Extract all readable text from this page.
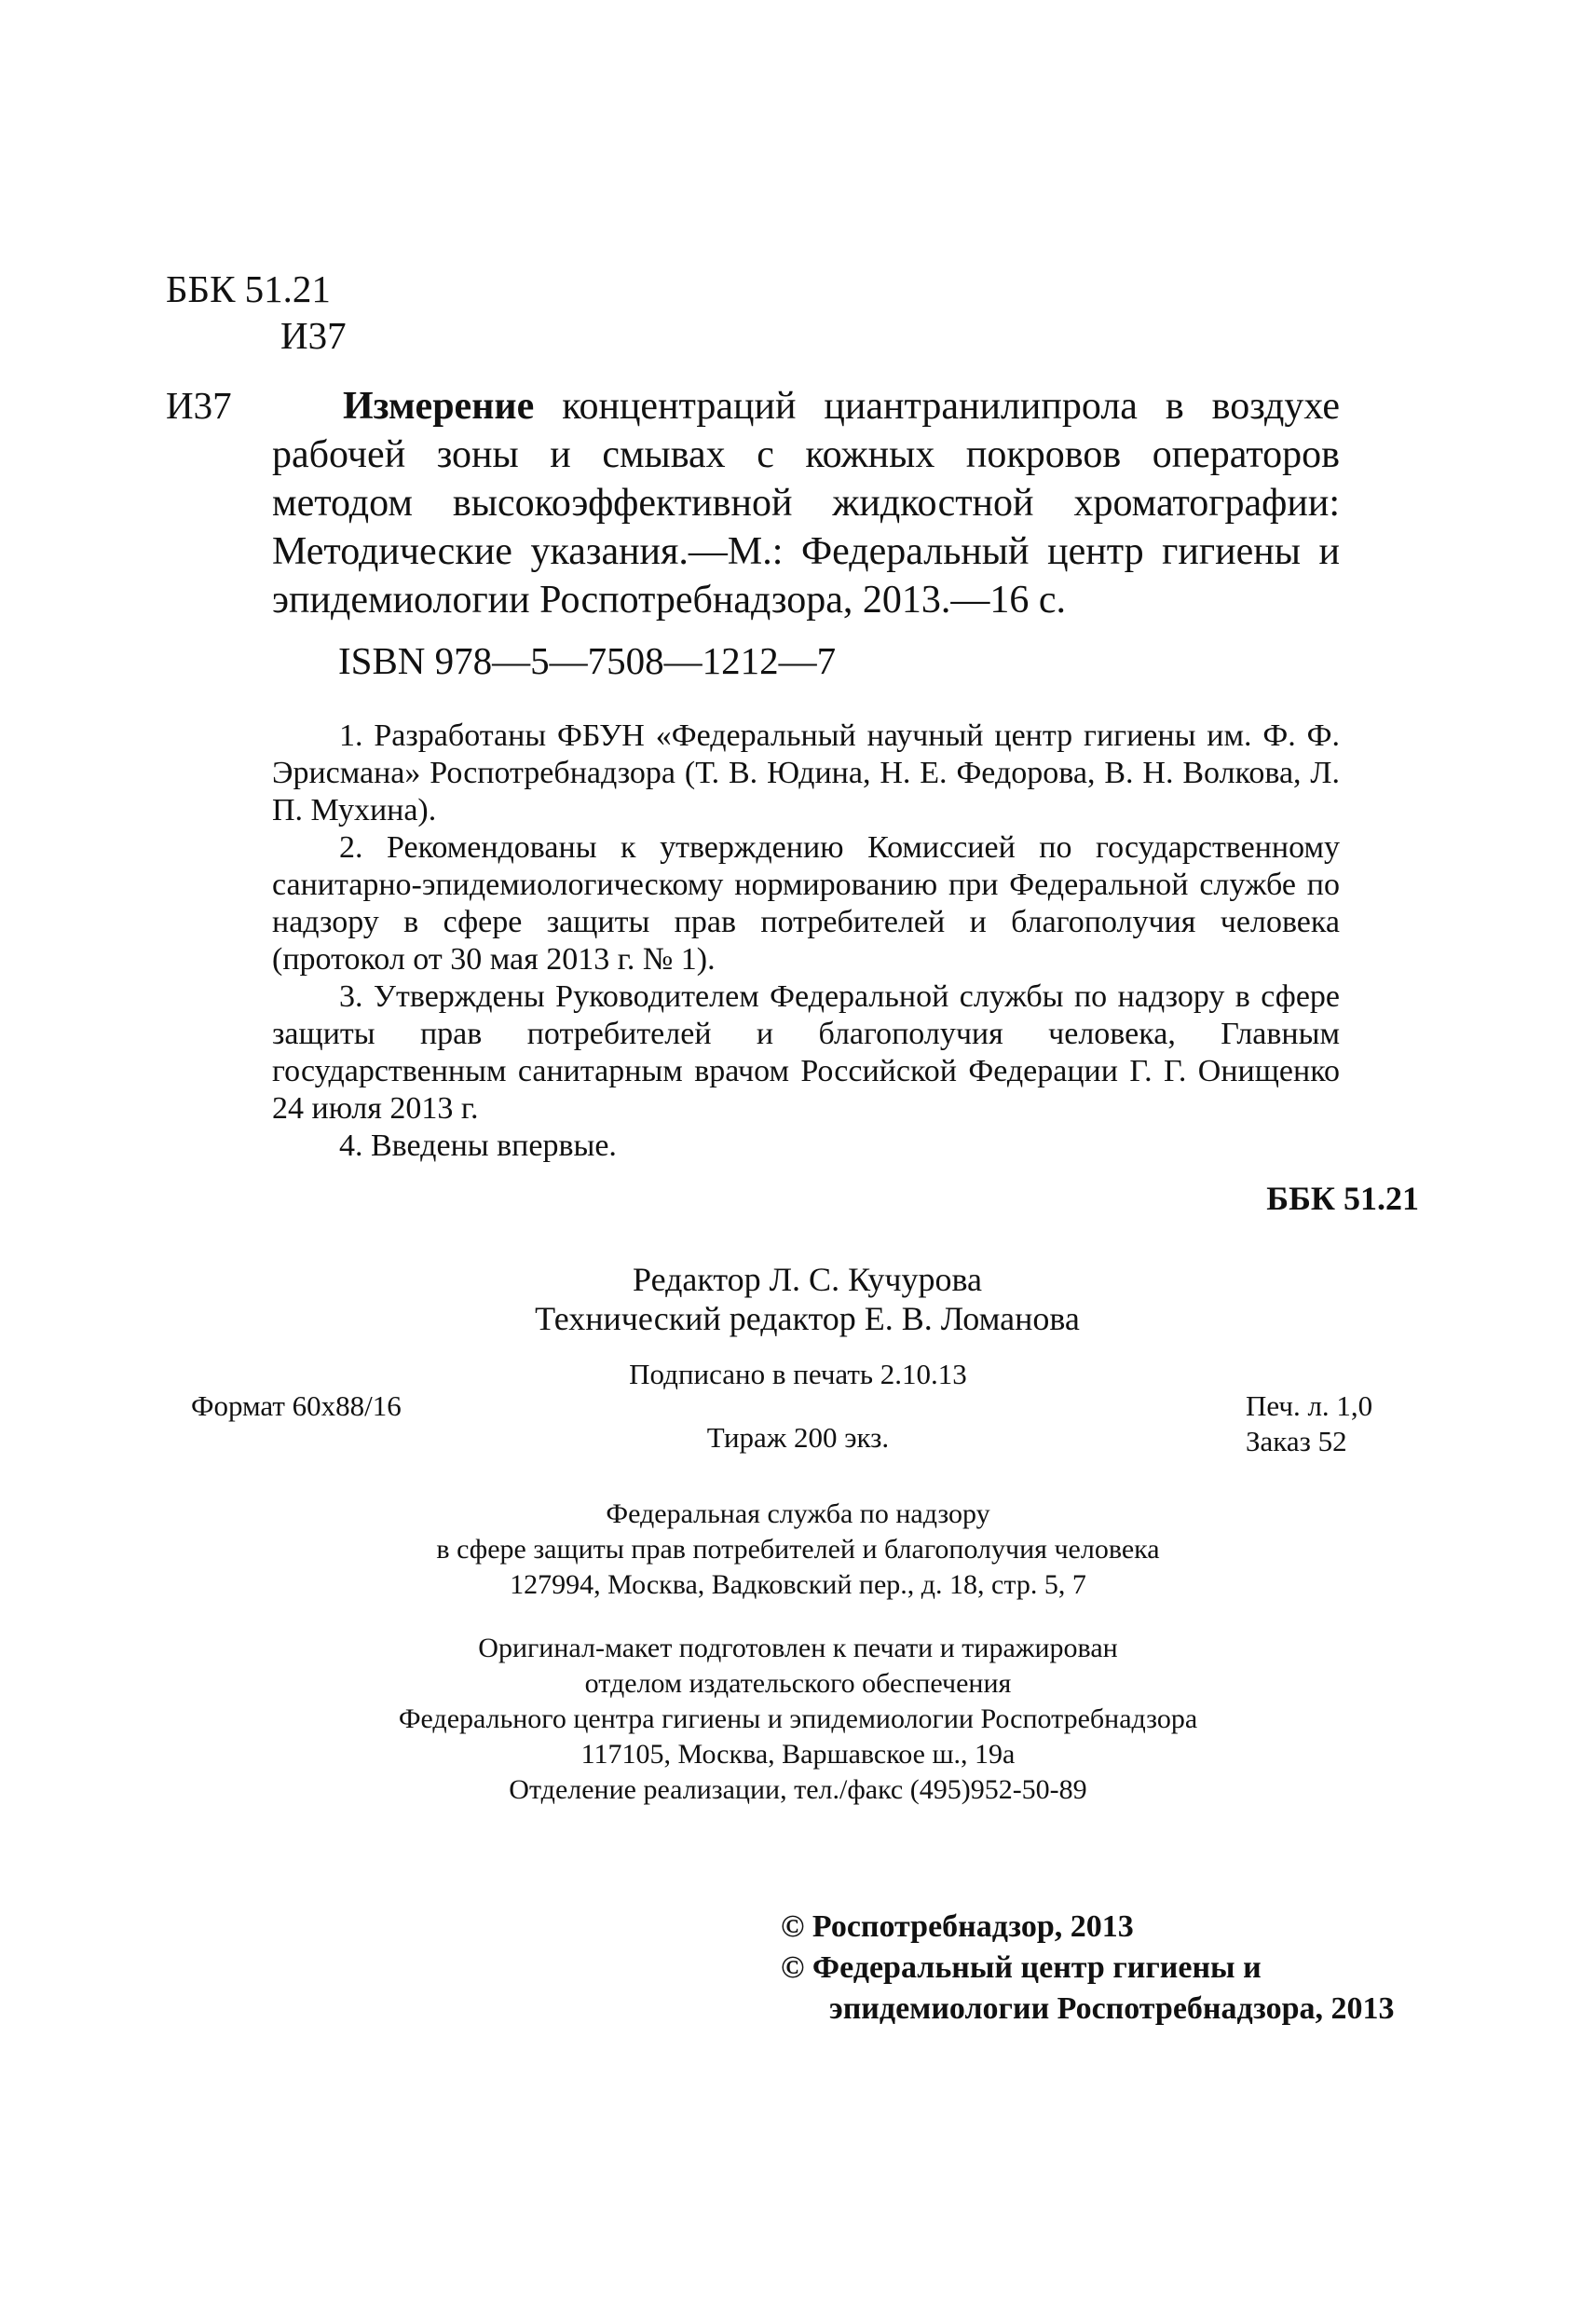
ББК 51.21
И37
И37	Измерение концентраций циантранилипрола в воздухе рабочей зоны и смывах с кожных покровов операторов методом высокоэффективной жидкостной хроматографии: Методические указания.—М.: Федеральный центр гигиены и эпидемиологии Роспотребнадзора, 2013.—16 с.
ISBN 978—5—7508—1212—7

1. Разработаны ФБУН «Федеральный научный центр гигиены им. Ф. Ф. Эрисмана» Роспотребнадзора (Т. В. Юдина, Н. Е. Федорова, В. Н. Волкова, Л. П. Мухина).

2. Рекомендованы к утверждению Комиссией по государственному санитарно-эпидемиологическому нормированию при Федеральной службе по надзору в сфере защиты прав потребителей и благополучия человека (протокол от 30 мая 2013 г. № 1).

3. Утверждены Руководителем Федеральной службы по надзору в сфере защиты прав потребителей и благополучия человека, Главным государственным санитарным врачом Российской Федерации Г. Г. Онищенко 24 июля 2013 г.

4. Введены впервые.

ББК 51.21
Редактор Л. С. Кучурова
Технический редактор Е. В. Ломанова
Подписано в печать 2.10.13
Формат 60х88/16	Печ. л. 1,0
Заказ 52
Тираж 200 экз.
Федеральная служба по надзору
в сфере защиты прав потребителей и благополучия человека
127994, Москва, Вадковский пер., д. 18, стр. 5, 7
Оригинал-макет подготовлен к печати и тиражирован
отделом издательского обеспечения
Федерального центра гигиены и эпидемиологии Роспотребнадзора
117105, Москва, Варшавское ш., 19а
Отделение реализации, тел./факс (495)952-50-89
© Роспотребнадзор, 2013
© Федеральный центр гигиены и
эпидемиологии Роспотребнадзора, 2013
